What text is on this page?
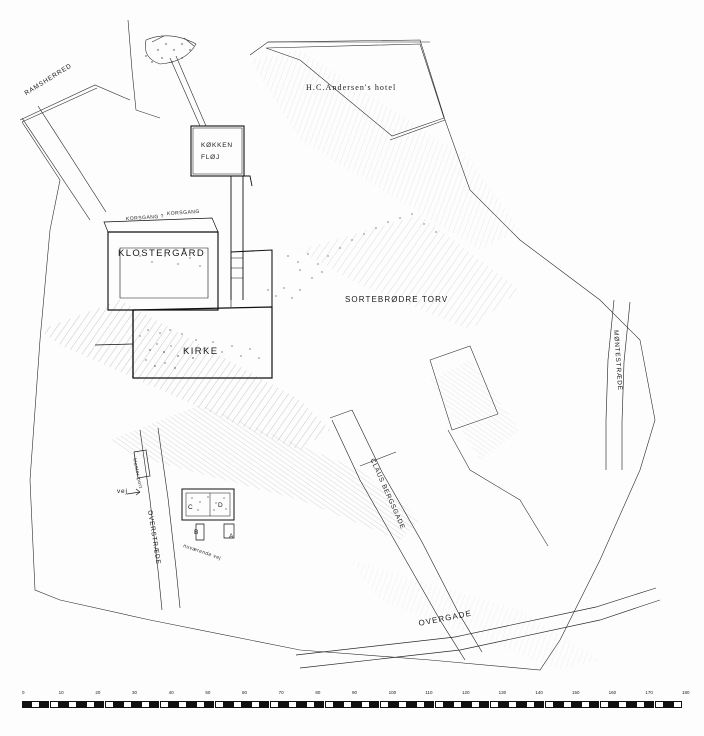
H.C.Andersen's hotel
KØKKEN
FLØJ
KLOSTERGÅRD
KIRKE
KORSGANG
KORSGANG ?
SORTEBRØDRE TORV
RAMSHERRED
MØNTESTRÆDE
CLAUS BERGSGADE
OVERGADE
OVERSTRÆDE
vej
kloster port
nuværende vej
C	D
B
A
0	10	20	30	40	50	60	70	80	90	100	110	120	130	140	150	160	170	180
